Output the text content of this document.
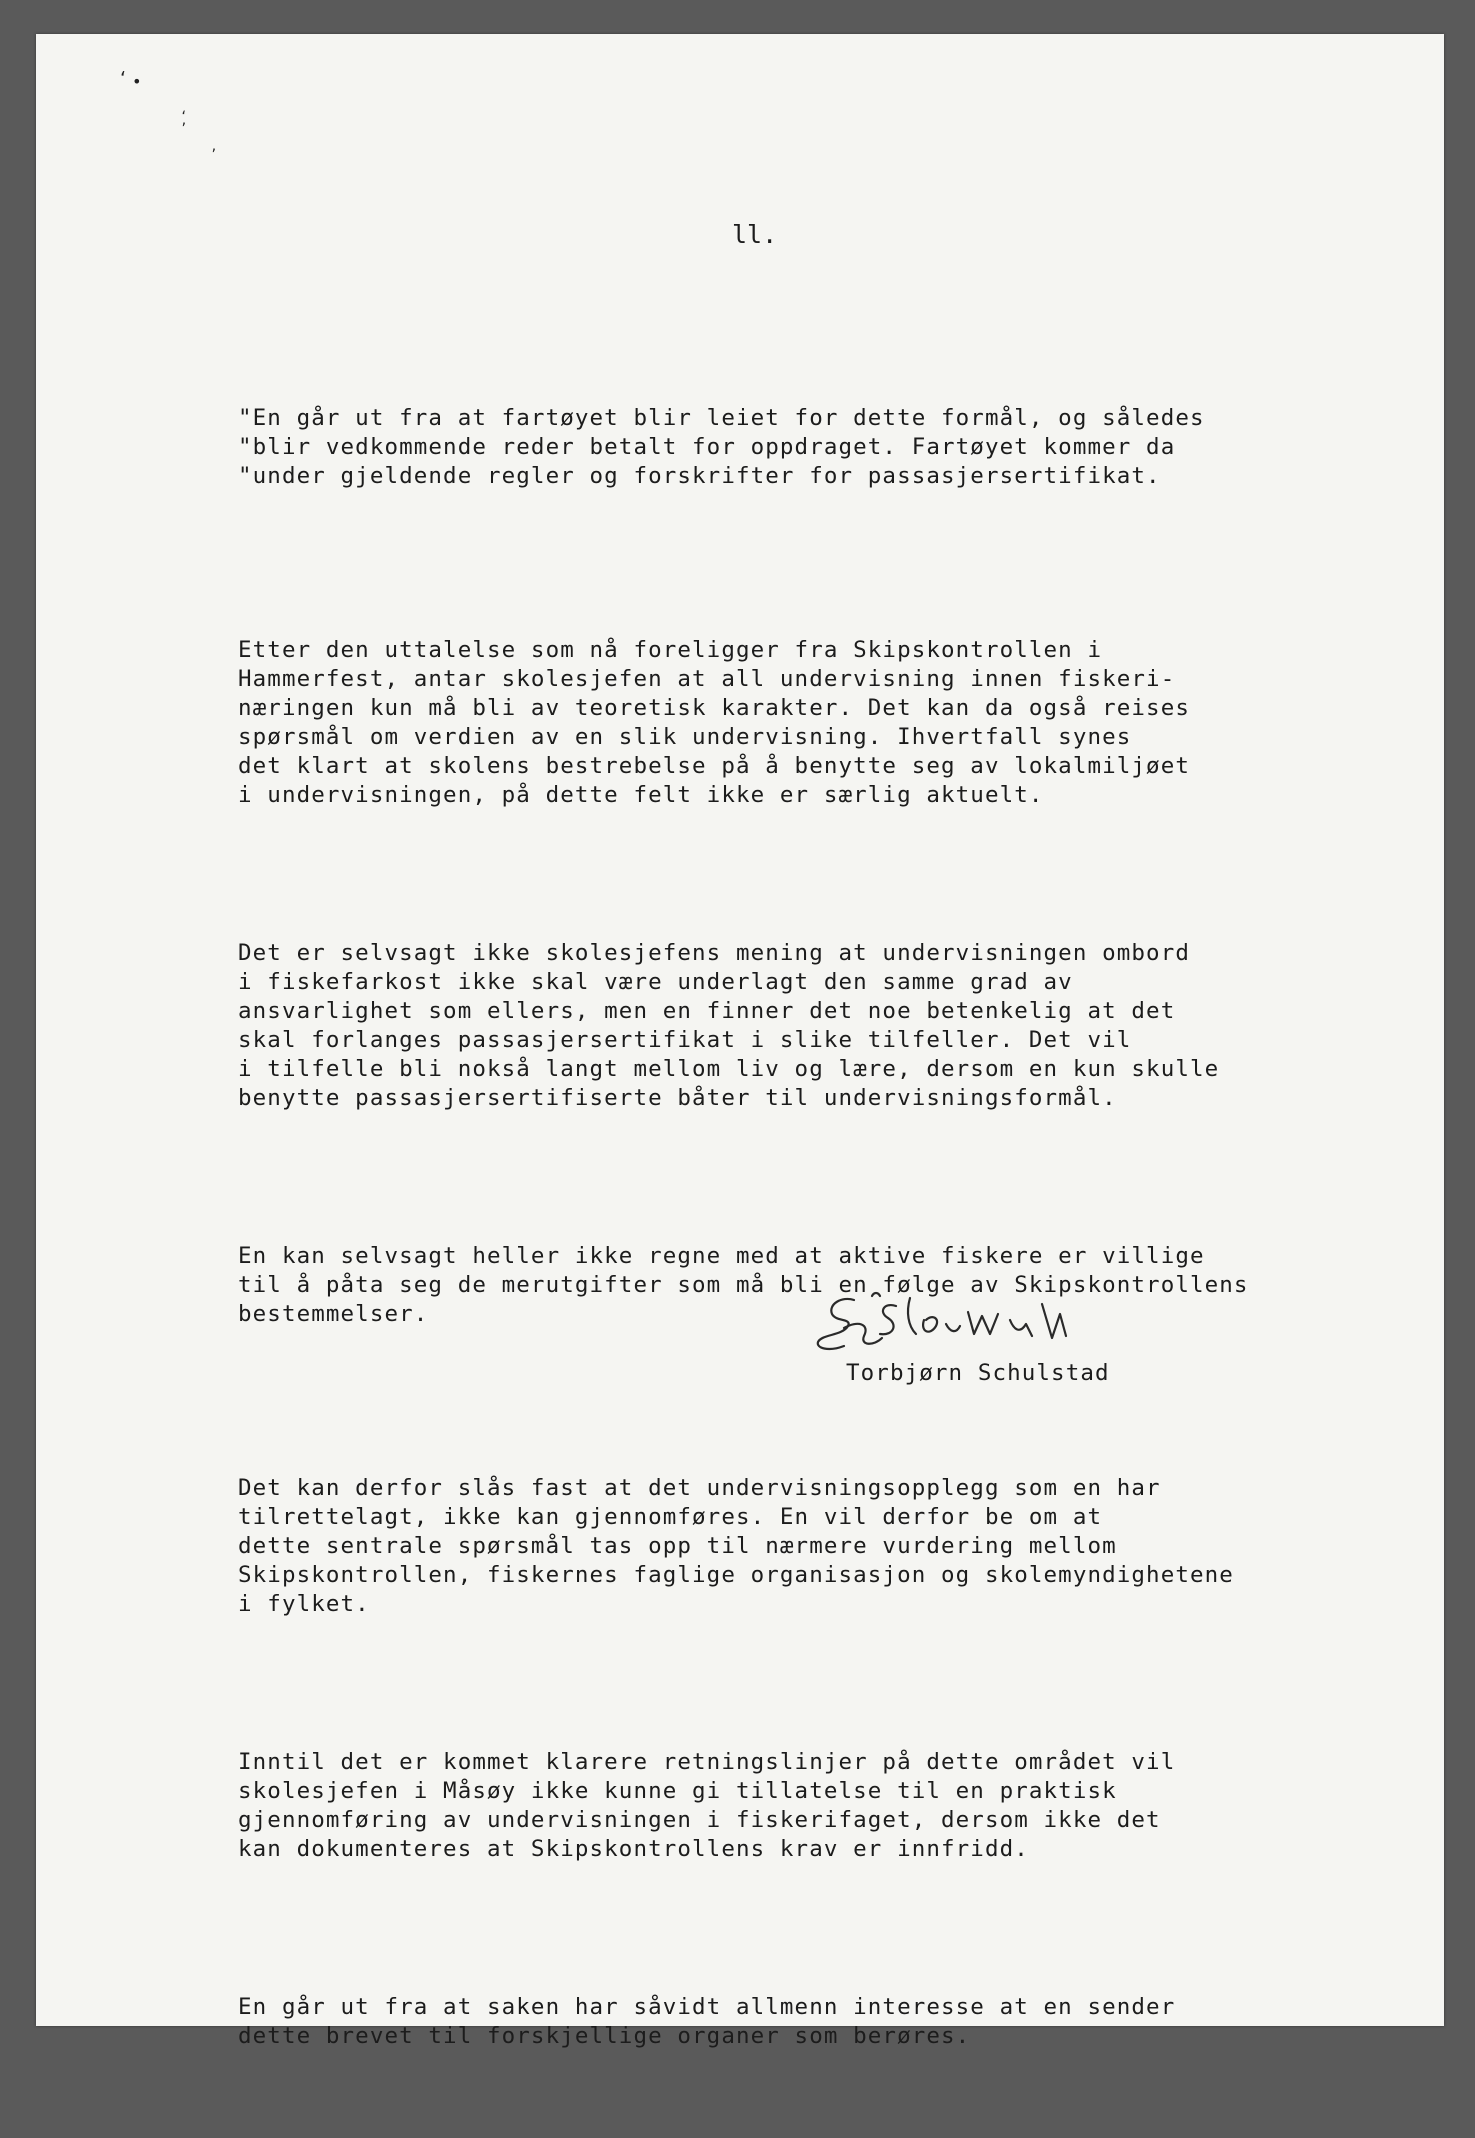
‘ •
‘ ’
’
ll.

"En går ut fra at fartøyet blir leiet for dette formål, og således
"blir vedkommende reder betalt for oppdraget. Fartøyet kommer da
"under gjeldende regler og forskrifter for passasjersertifikat.

Etter den uttalelse som nå foreligger fra Skipskontrollen i
Hammerfest, antar skolesjefen at all undervisning innen fiskeri-
næringen kun må bli av teoretisk karakter. Det kan da også reises
spørsmål om verdien av en slik undervisning. Ihvertfall synes
det klart at skolens bestrebelse på å benytte seg av lokalmiljøet
i undervisningen, på dette felt ikke er særlig aktuelt.

Det er selvsagt ikke skolesjefens mening at undervisningen ombord
i fiskefarkost ikke skal være underlagt den samme grad av
ansvarlighet som ellers, men en finner det noe betenkelig at det
skal forlanges passasjersertifikat i slike tilfeller. Det vil
i tilfelle bli nokså langt mellom liv og lære, dersom en kun skulle
benytte passasjersertifiserte båter til undervisningsformål.

En kan selvsagt heller ikke regne med at aktive fiskere er villige
til å påta seg de merutgifter som må bli en følge av Skipskontrollens
bestemmelser.

Det kan derfor slås fast at det undervisningsopplegg som en har
tilrettelagt, ikke kan gjennomføres. En vil derfor be om at
dette sentrale spørsmål tas opp til nærmere vurdering mellom
Skipskontrollen, fiskernes faglige organisasjon og skolemyndighetene
i fylket.

Inntil det er kommet klarere retningslinjer på dette området vil
skolesjefen i Måsøy ikke kunne gi tillatelse til en praktisk
gjennomføring av undervisningen i fiskerifaget, dersom ikke det
kan dokumenteres at Skipskontrollens krav er innfridd.

En går ut fra at saken har såvidt allmenn interesse at en sender
dette brevet til forskjellige organer som berøres.

Torbjørn Schulstad
